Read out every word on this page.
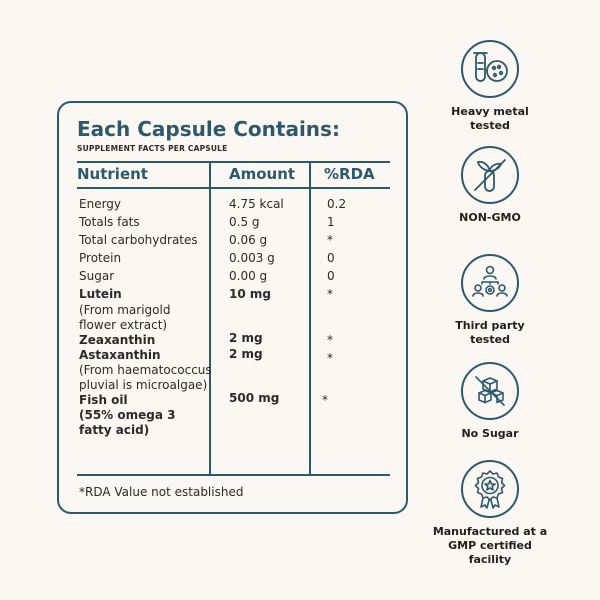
Each Capsule Contains:
SUPPLEMENT FACTS PER CAPSULE
Nutrient	Amount %RDA
Energy	4.75 kcal	0.2
Totals fats	0.5 g	1
Total carbohydrates	0.06 g	*
Protein	0.003 g	0
Sugar	0.00 g	0
Lutein	10 mg	*
(From marigold
flower extract)
Zeaxanthin	2 mg	*
Astaxanthin	2 mg	*
(From haematococcus
pluvial is microalgae)
Fish oil	500 mg	*
(55% omega 3
fatty acid)
*RDA Value not established
Heavy metal
tested
NON-GMO
Third party
tested
No Sugar
Manufactured at a
GMP certified facility
